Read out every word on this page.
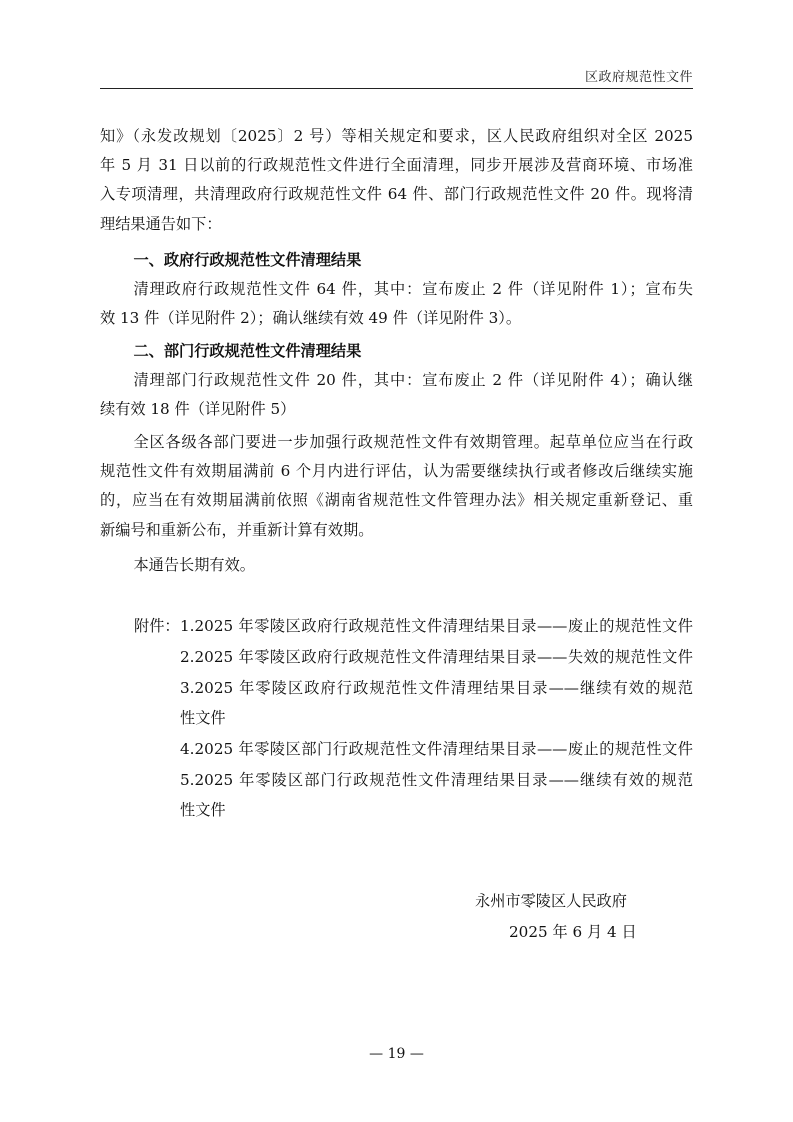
区政府规范性文件

知》（永发改规划〔2025〕2 号）等相关规定和要求，区人民政府组织对全区 2025

年 5 月 31 日以前的行政规范性文件进行全面清理，同步开展涉及营商环境、市场准

入专项清理，共清理政府行政规范性文件 64 件、部门行政规范性文件 20 件。现将清

理结果通告如下：

一、政府行政规范性文件清理结果

清理政府行政规范性文件 64 件，其中：宣布废止 2 件（详见附件 1）；宣布失

效 13 件（详见附件 2）；确认继续有效 49 件（详见附件 3）。

二、部门行政规范性文件清理结果

清理部门行政规范性文件 20 件，其中：宣布废止 2 件（详见附件 4）；确认继

续有效 18 件（详见附件 5）

全区各级各部门要进一步加强行政规范性文件有效期管理。起草单位应当在行政

规范性文件有效期届满前 6 个月内进行评估，认为需要继续执行或者修改后继续实施

的，应当在有效期届满前依照《湖南省规范性文件管理办法》相关规定重新登记、重

新编号和重新公布，并重新计算有效期。

本通告长期有效。

附件： 1.2025 年零陵区政府行政规范性文件清理结果目录——废止的规范性文件
2.2025 年零陵区政府行政规范性文件清理结果目录——失效的规范性文件
3.2025 年零陵区政府行政规范性文件清理结果目录——继续有效的规范
性文件
4.2025 年零陵区部门行政规范性文件清理结果目录——废止的规范性文件
5.2025 年零陵区部门行政规范性文件清理结果目录——继续有效的规范
性文件
永州市零陵区人民政府
2025 年 6 月 4 日
— 19 —
